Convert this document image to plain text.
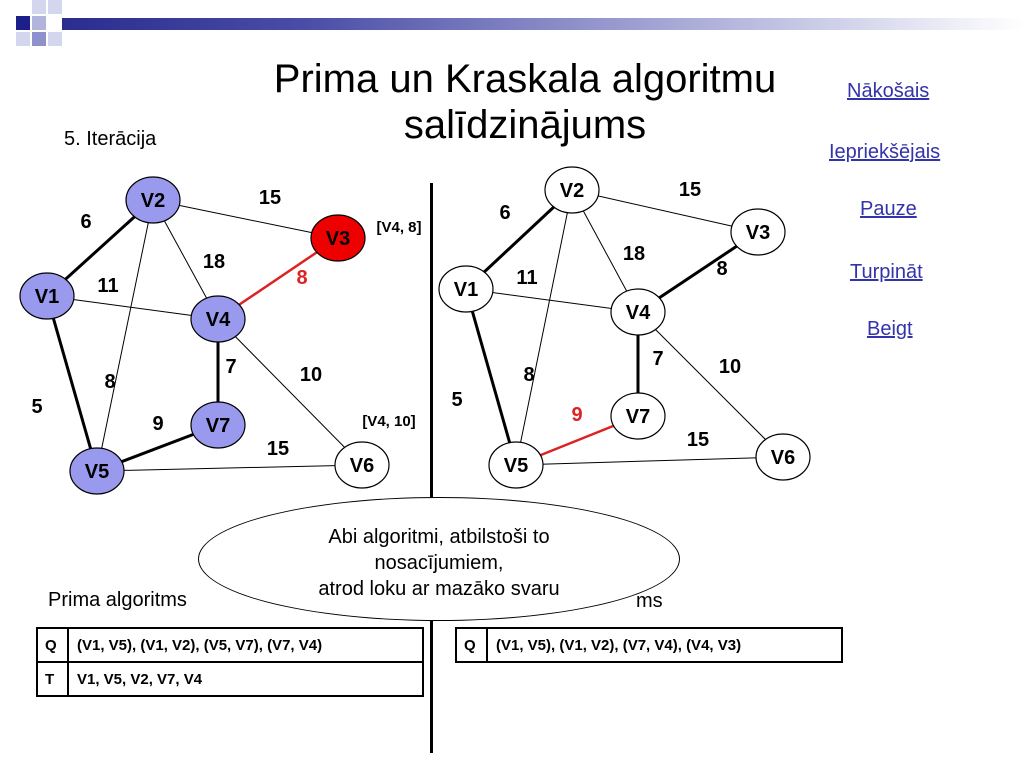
Prima un Kraskala algoritmu
salīdzinājums
5. Iterācija
Nākošais
Iepriekšējais
Pauze
Turpināt
Beigt
6
15
18
8
11
5
8
7	10
9
15
V2
V3
V1
V4
V7
V5	V6
[V4, 8]
[V4, 10]
6
15
18
8
11
5
8
7	10
9
15
V2
V3
V1
V4
V7
V5	V6
Prima algoritms	ms
Q	(V1, V5), (V1, V2), (V5, V7), (V7, V4)
T	V1, V5, V2, V7, V4
Q	(V1, V5), (V1, V2), (V7, V4), (V4, V3)
Abi algoritmi, atbilstoši to
nosacījumiem,
atrod loku ar mazāko svaru
